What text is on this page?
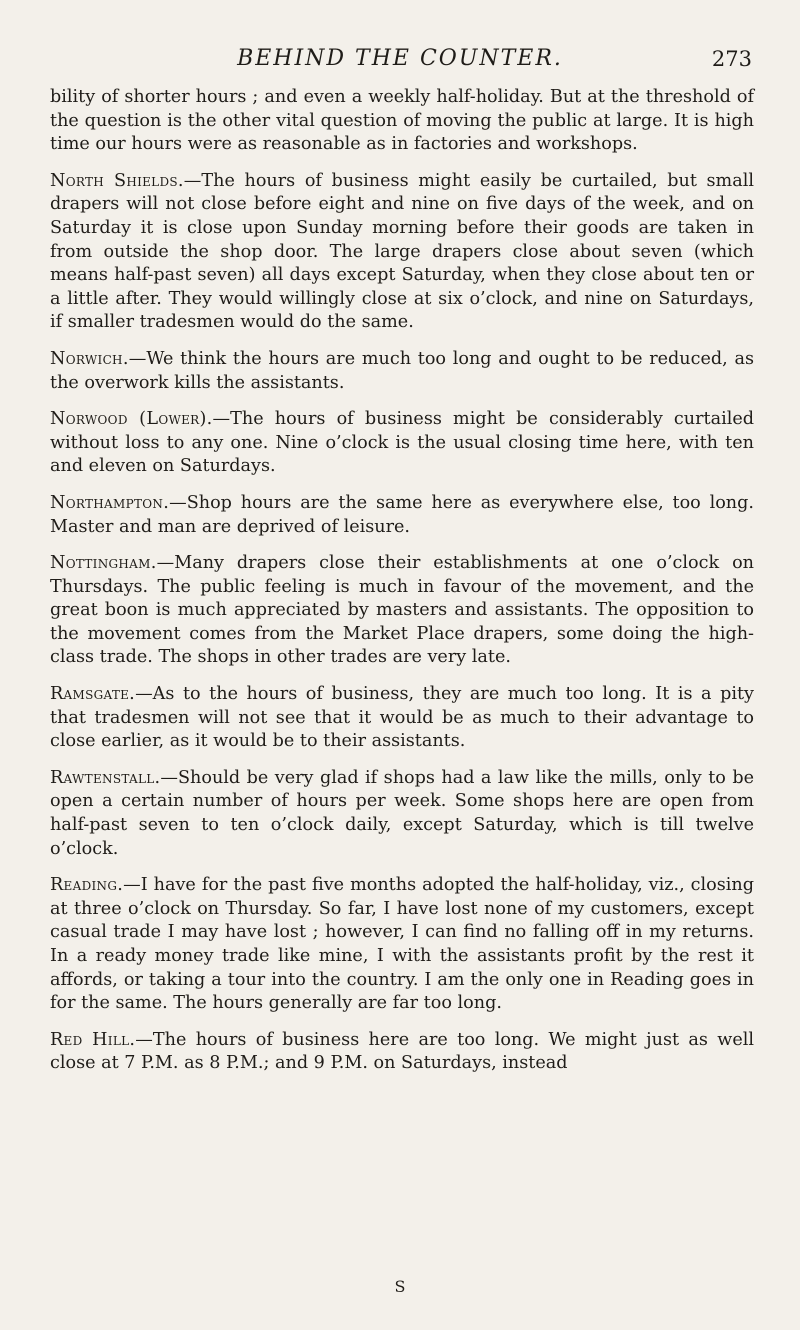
BEHIND THE COUNTER.	273

bility of shorter hours ; and even a weekly half-holiday. But at the threshold of the question is the other vital question of moving the public at large. It is high time our hours were as reasonable as in factories and workshops.

North Shields.—The hours of business might easily be curtailed, but small drapers will not close before eight and nine on five days of the week, and on Saturday it is close upon Sunday morning before their goods are taken in from outside the shop door. The large drapers close about seven (which means half-past seven) all days except Saturday, when they close about ten or a little after. They would willingly close at six o’clock, and nine on Saturdays, if smaller tradesmen would do the same.

Norwich.—We think the hours are much too long and ought to be reduced, as the overwork kills the assistants.

Norwood (Lower).—The hours of business might be considerably curtailed without loss to any one. Nine o’clock is the usual closing time here, with ten and eleven on Saturdays.

Northampton.—Shop hours are the same here as everywhere else, too long. Master and man are deprived of leisure.

Nottingham.—Many drapers close their establishments at one o’clock on Thursdays. The public feeling is much in favour of the movement, and the great boon is much appreciated by masters and assistants. The opposition to the movement comes from the Market Place drapers, some doing the high-class trade. The shops in other trades are very late.

Ramsgate.—As to the hours of business, they are much too long. It is a pity that tradesmen will not see that it would be as much to their advantage to close earlier, as it would be to their assistants.

Rawtenstall.—Should be very glad if shops had a law like the mills, only to be open a certain number of hours per week. Some shops here are open from half-past seven to ten o’clock daily, except Saturday, which is till twelve o’clock.

Reading.—I have for the past five months adopted the half-holiday, viz., closing at three o’clock on Thursday. So far, I have lost none of my customers, except casual trade I may have lost ; however, I can find no falling off in my returns. In a ready money trade like mine, I with the assistants profit by the rest it affords, or taking a tour into the country. I am the only one in Reading goes in for the same. The hours generally are far too long.

Red Hill.—The hours of business here are too long. We might just as well close at 7 P.M. as 8 P.M.; and 9 P.M. on Saturdays, instead

S
